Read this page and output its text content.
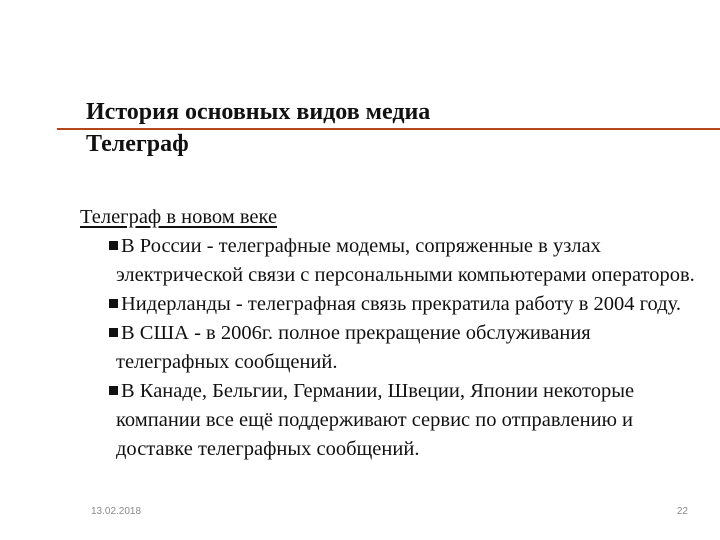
История основных видов медиа
Телеграф
Телеграф в новом веке
В России - телеграфные модемы, сопряженные в узлах электрической связи с персональными компьютерами операторов.
Нидерланды - телеграфная связь прекратила работу в 2004 году.
В США - в 2006г. полное прекращение обслуживания телеграфных сообщений.
В Канаде, Бельгии, Германии, Швеции, Японии некоторые компании все ещё поддерживают сервис по отправлению и доставке телеграфных сообщений.
13.02.2018	22
